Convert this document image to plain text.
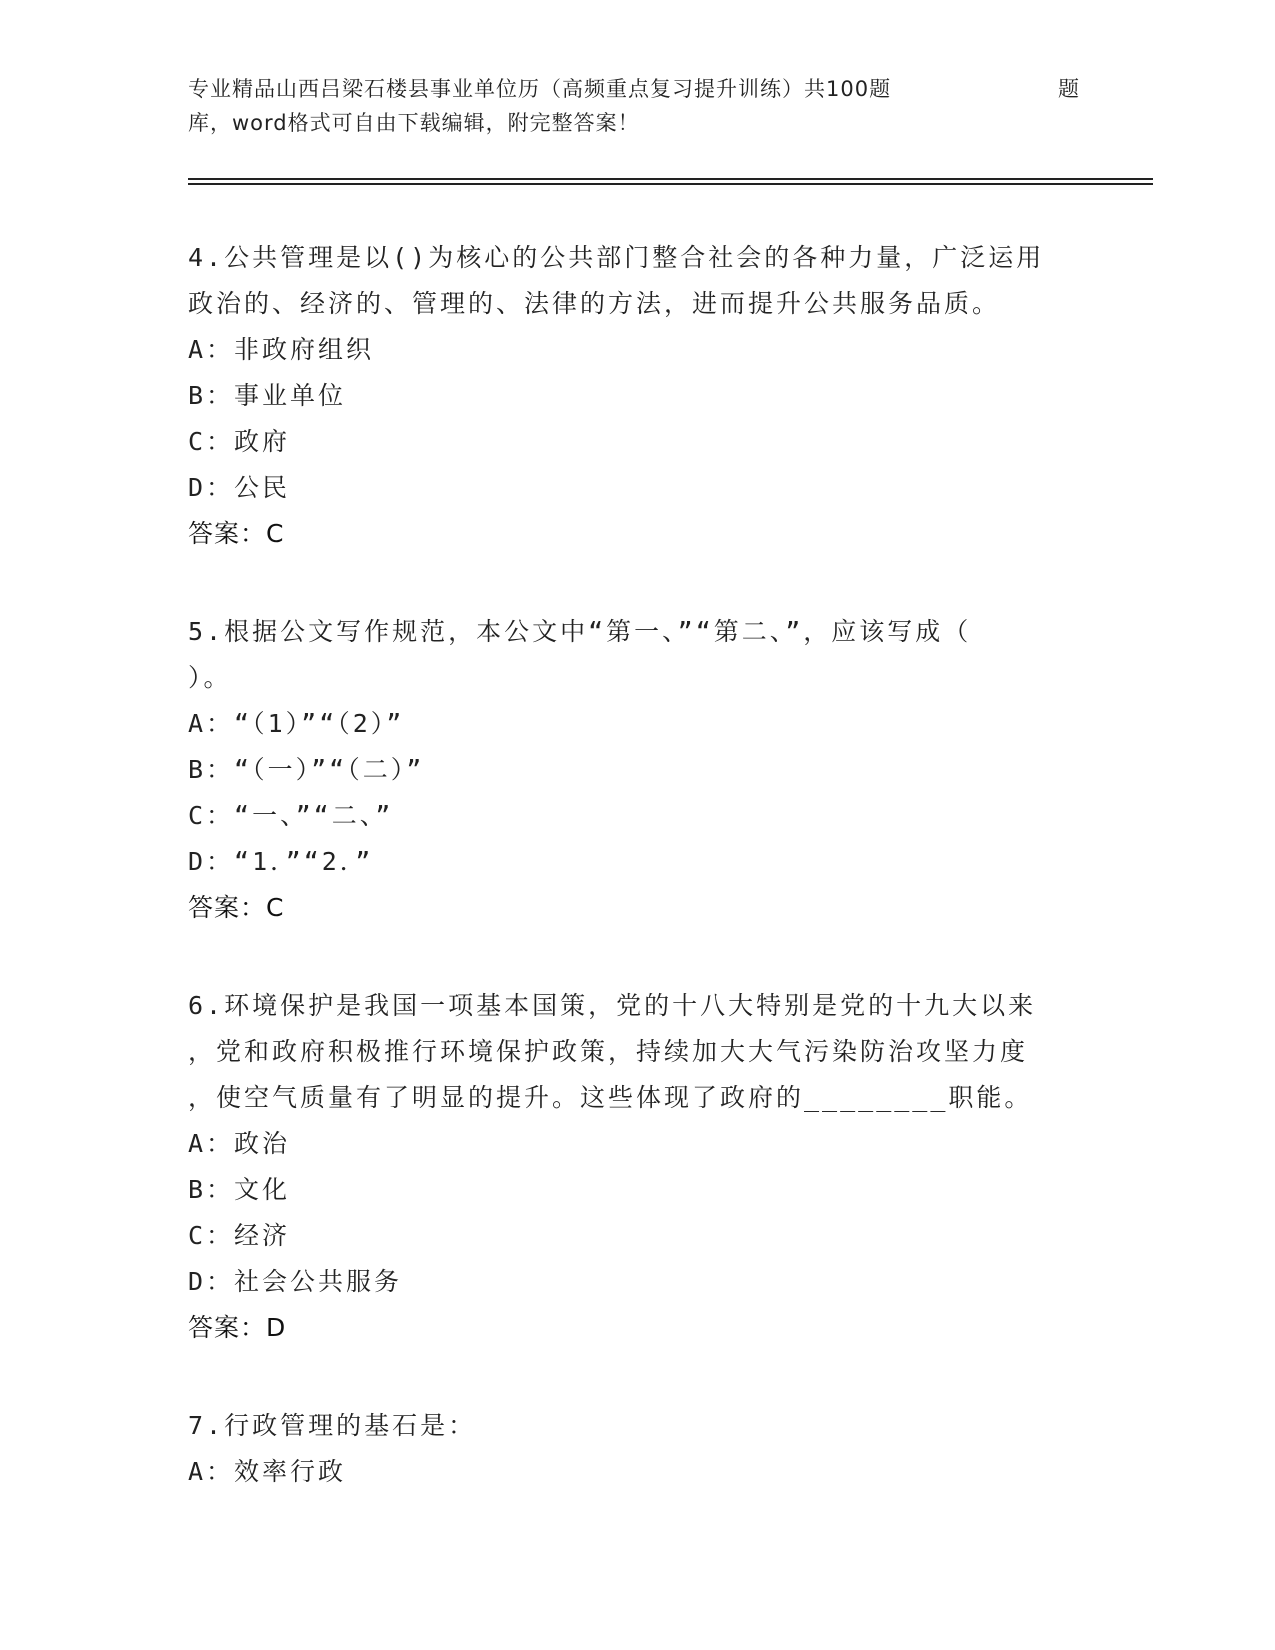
专业精品山西吕梁石楼县事业单位历（高频重点复习提升训练）共100题	题
库，word格式可自由下载编辑，附完整答案！
4.公共管理是以()为核心的公共部门整合社会的各种力量，广泛运用
政治的、经济的、管理的、法律的方法，进而提升公共服务品质。
A：非政府组织
B：事业单位
C：政府
D：公民
答案：C
5.根据公文写作规范，本公文中“第一、”“第二、”，应该写成（
）。
A：“（1）”“（2）”
B：“（一）”“（二）”
C：“一、”“二、”
D：“1．”“2．”
答案：C
6.环境保护是我国一项基本国策，党的十八大特别是党的十九大以来
，党和政府积极推行环境保护政策，持续加大大气污染防治攻坚力度
，使空气质量有了明显的提升。这些体现了政府的________职能。
A：政治
B：文化
C：经济
D：社会公共服务
答案：D
7.行政管理的基石是：
A：效率行政
